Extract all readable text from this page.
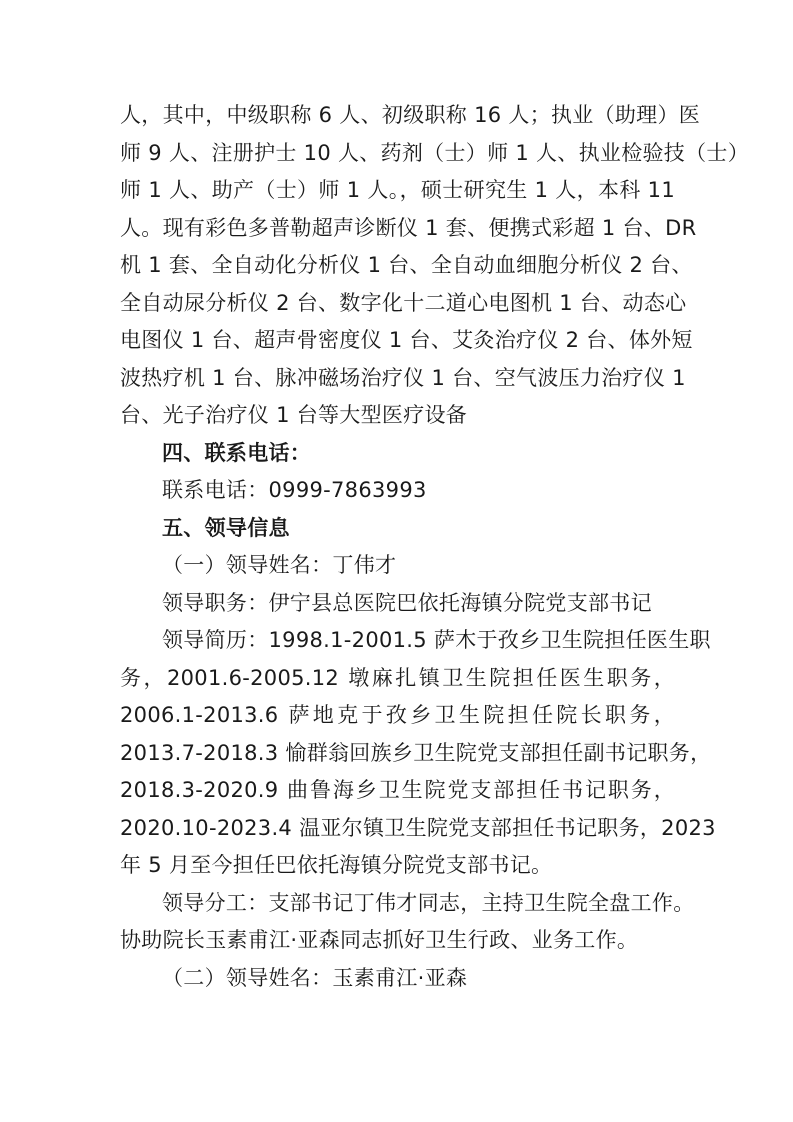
人，其中，中级职称 6 人、初级职称 16 人；执业（助理）医
师 9 人、注册护士 10 人、药剂（士）师 1 人、执业检验技（士）
师 1 人、助产（士）师 1 人。，硕士研究生 1 人，本科 11
人。现有彩色多普勒超声诊断仪 1 套、便携式彩超 1 台、DR
机 1 套、全自动化分析仪 1 台、全自动血细胞分析仪 2 台、
全自动尿分析仪 2 台、数字化十二道心电图机 1 台、动态心
电图仪 1 台、超声骨密度仪 1 台、艾灸治疗仪 2 台、体外短
波热疗机 1 台、脉冲磁场治疗仪 1 台、空气波压力治疗仪 1
台、光子治疗仪 1 台等大型医疗设备

四、联系电话：

联系电话：0999-7863993

五、领导信息

（一）领导姓名：丁伟才

领导职务：伊宁县总医院巴依托海镇分院党支部书记

领导简历：1998.1-2001.5 萨木于孜乡卫生院担任医生职
务，2001.6-2005.12 墩麻扎镇卫生院担任医生职务，
2006.1-2013.6 萨地克于孜乡卫生院担任院长职务，
2013.7-2018.3 愉群翁回族乡卫生院党支部担任副书记职务，
2018.3-2020.9 曲鲁海乡卫生院党支部担任书记职务，
2020.10-2023.4 温亚尔镇卫生院党支部担任书记职务，2023
年 5 月至今担任巴依托海镇分院党支部书记。
领导分工：支部书记丁伟才同志，主持卫生院全盘工作。
协助院长玉素甫江·亚森同志抓好卫生行政、业务工作。

（二）领导姓名：玉素甫江·亚森
